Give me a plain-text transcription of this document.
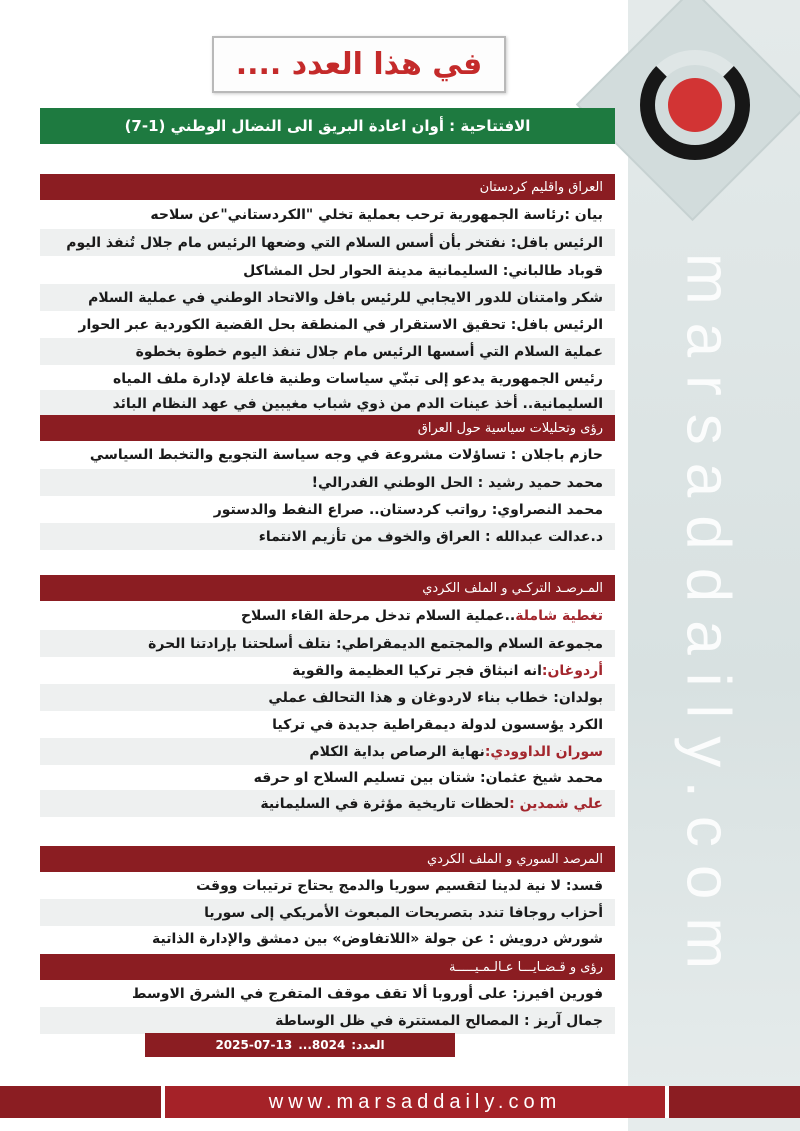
marsaddaily.com
في هذا العدد ....
الافتتاحية : أوان اعادة البريق الى النضال الوطني (1-7)
العراق واقليم كردستان
بيان :رئاسة الجمهورية ترحب بعملية تخلي "الكردستاني"عن سلاحه
الرئيس بافل: نفتخر بأن أسس السلام التي وضعها الرئيس مام جلال تُنفذ اليوم
قوباد طالباني: السليمانية مدينة الحوار لحل المشاكل
شكر وامتنان للدور الايجابي للرئيس بافل والاتحاد الوطني في عملية السلام
الرئيس بافل: تحقيق الاستقرار في المنطقة بحل القضية الكوردية عبر الحوار
عملية السلام التي أسسها الرئيس مام جلال تنفذ اليوم خطوة بخطوة
رئيس الجمهورية يدعو إلى تبنّي سياسات وطنية فاعلة لإدارة ملف المياه
السليمانية.. أخذ عينات الدم من ذوي شباب مغيبين في عهد النظام البائد
رؤى وتحليلات سياسية حول العراق
حازم باجلان : تساؤلات مشروعة في وجه سياسة التجويع والتخبط السياسي
محمد حميد رشيد : الحل الوطني الفدرالي!
محمد النصراوي: رواتب كردستان.. صراع النفط والدستور
د.عدالت عبدالله : العراق والخوف من تأزيم الانتماء
المـرصـد التركـي و الملف الكردي
تغطية شاملة
..عملية السلام تدخل مرحلة القاء السلاح
مجموعة السلام والمجتمع الديمقراطي: نتلف أسلحتنا بإرادتنا الحرة
أردوغان:
انه انبثاق فجر تركيا العظيمة والقوية
بولدان: خطاب بناء لاردوغان و هذا التحالف عملي
الكرد يؤسسون لدولة ديمقراطية جديدة في تركيا
سوران الداوودي:
نهاية الرصاص بداية الكلام
محمد شيخ عثمان: شتان بين تسليم السلاح او حرقه
علي شمدين :
لحظات تاريخية مؤثرة في السليمانية
المرصد السوري و الملف الكردي
قسد: لا نية لدينا لتقسيم سوريا والدمج يحتاج ترتيبات ووقت
أحزاب روجافا تندد بتصريحات المبعوث الأمريكي إلى سوريا
شورش درويش : عن جولة «اللاتفاوض» بين دمشق والإدارة الذاتية
رؤى و قـضـايـــا عـالـمـيـــــة
فورين افيرز: على أوروبا ألا تقف موقف المتفرج في الشرق الاوسط
جمال آريز : المصالح المستترة في ظل الوساطة
العدد:
8024...
2025-07-13
www.marsaddaily.com
